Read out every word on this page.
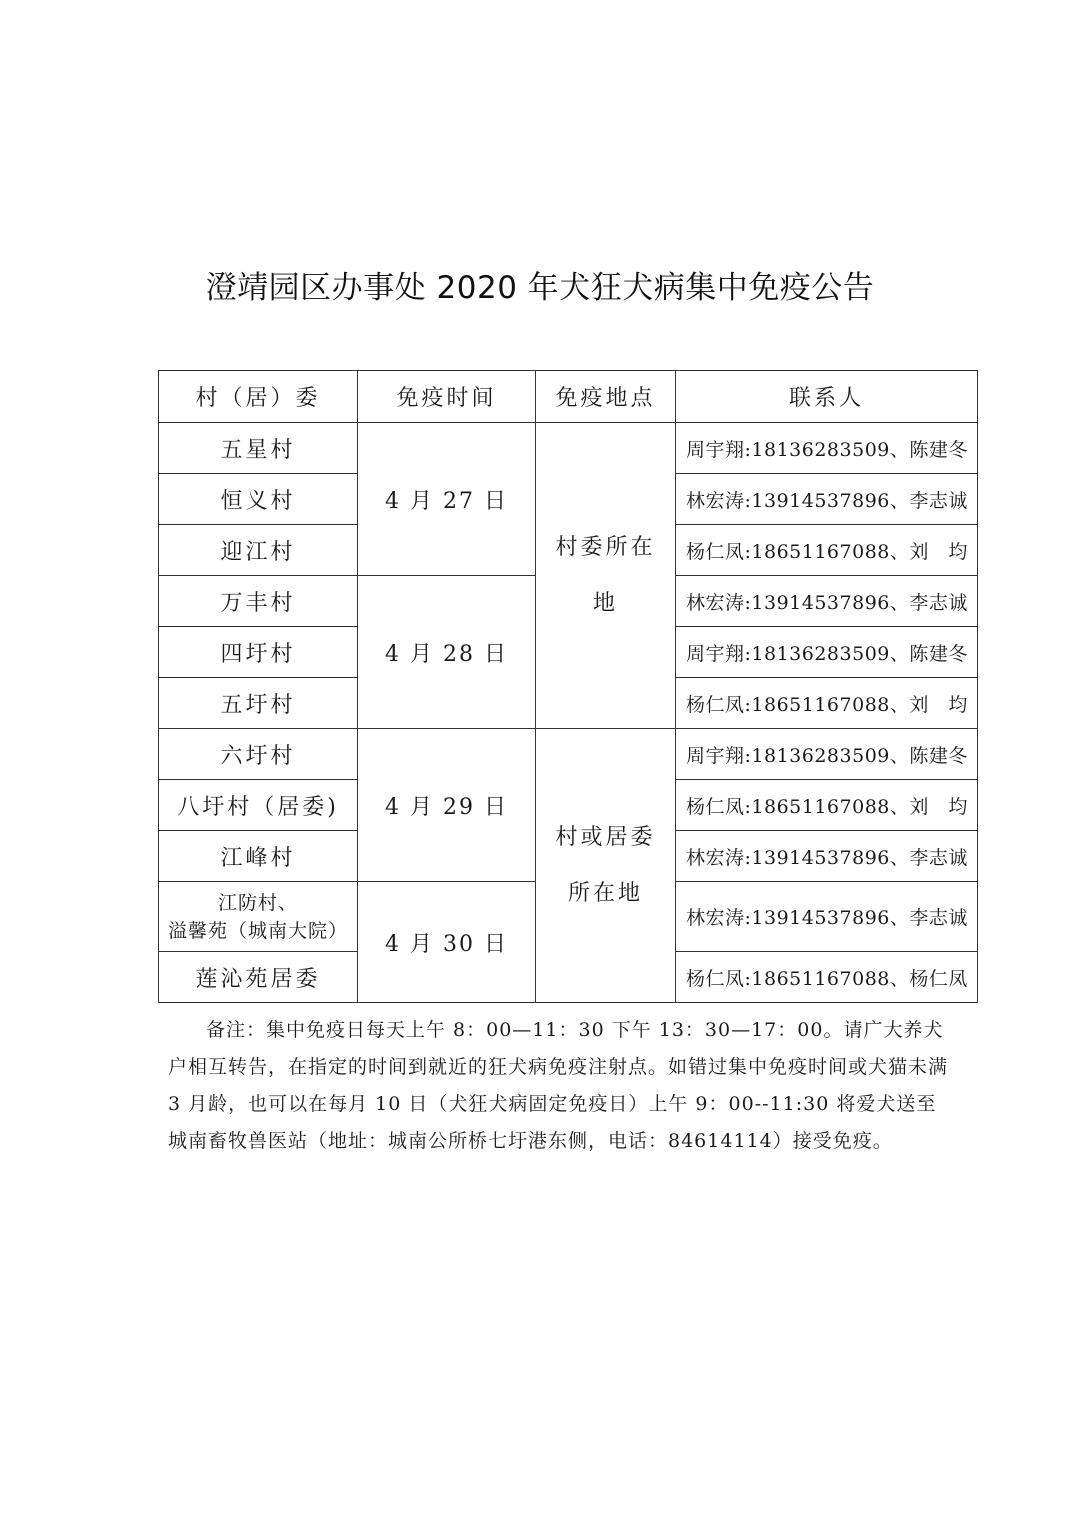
澄靖园区办事处 2020 年犬狂犬病集中免疫公告
村（居）委	免疫时间	免疫地点	联系人
五星村	4 月 27 日	村委所在地	周宇翔:18136283509、陈建冬
恒义村			林宏涛:13914537896、李志诚
迎江村			杨仁凤:18651167088、刘　均
万丰村	4 月 28 日		林宏涛:13914537896、李志诚
四圩村			周宇翔:18136283509、陈建冬
五圩村			杨仁凤:18651167088、刘　均
六圩村	4 月 29 日	村或居委所在地	周宇翔:18136283509、陈建冬
八圩村（居委)			杨仁凤:18651167088、刘　均
江峰村			林宏涛:13914537896、李志诚

江防村、
溢馨苑（城南大院）	4 月 30 日		林宏涛:13914537896、李志诚
莲沁苑居委			杨仁凤:18651167088、杨仁凤

备注：集中免疫日每天上午 8：00—11：30 下午 13：30—17：00。请广大养犬户相互转告，在指定的时间到就近的狂犬病免疫注射点。如错过集中免疫时间或犬猫未满 3 月龄，也可以在每月 10 日（犬狂犬病固定免疫日）上午 9：00--11:30 将爱犬送至城南畜牧兽医站（地址：城南公所桥七圩港东侧，电话：84614114）接受免疫。
